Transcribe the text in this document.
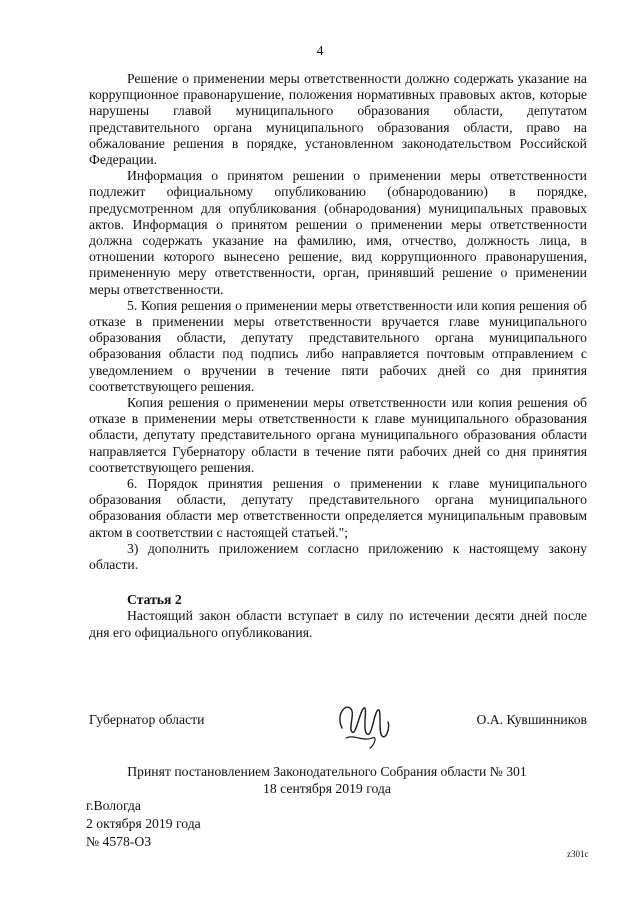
4

Решение о применении меры ответственности должно содержать указание на коррупционное правонарушение, положения нормативных правовых актов, которые нарушены главой муниципального образования области, депутатом представительного органа муниципального образования области, право на обжалование решения в порядке, установленном законодательством Российской Федерации.

Информация о принятом решении о применении меры ответственности подлежит официальному опубликованию (обнародованию) в порядке, предусмотренном для опубликования (обнародования) муниципальных правовых актов. Информация о принятом решении о применении меры ответственности должна содержать указание на фамилию, имя, отчество, должность лица, в отношении которого вынесено решение, вид коррупционного правонарушения, примененную меру ответственности, орган, принявший решение о применении меры ответственности.

5. Копия решения о применении меры ответственности или копия решения об отказе в применении меры ответственности вручается главе муниципального образования области, депутату представительного органа муниципального образования области под подпись либо направляется почтовым отправлением с уведомлением о вручении в течение пяти рабочих дней со дня принятия соответствующего решения.

Копия решения о применении меры ответственности или копия решения об отказе в применении меры ответственности к главе муниципального образования области, депутату представительного органа муниципального образования области направляется Губернатору области в течение пяти рабочих дней со дня принятия соответствующего решения.

6. Порядок принятия решения о применении к главе муниципального образования области, депутату представительного органа муниципального образования области мер ответственности определяется муниципальным правовым актом в соответствии с настоящей статьей.";

3) дополнить приложением согласно приложению к настоящему закону области.

Статья 2

Настоящий закон области вступает в силу по истечении десяти дней после дня его официального опубликования.

Губернатор области	О.А. Кувшинников
Принят постановлением Законодательного Собрания области № 301
18 сентября 2019 года
г.Вологда
2 октября 2019 года
№ 4578-ОЗ
z301c
